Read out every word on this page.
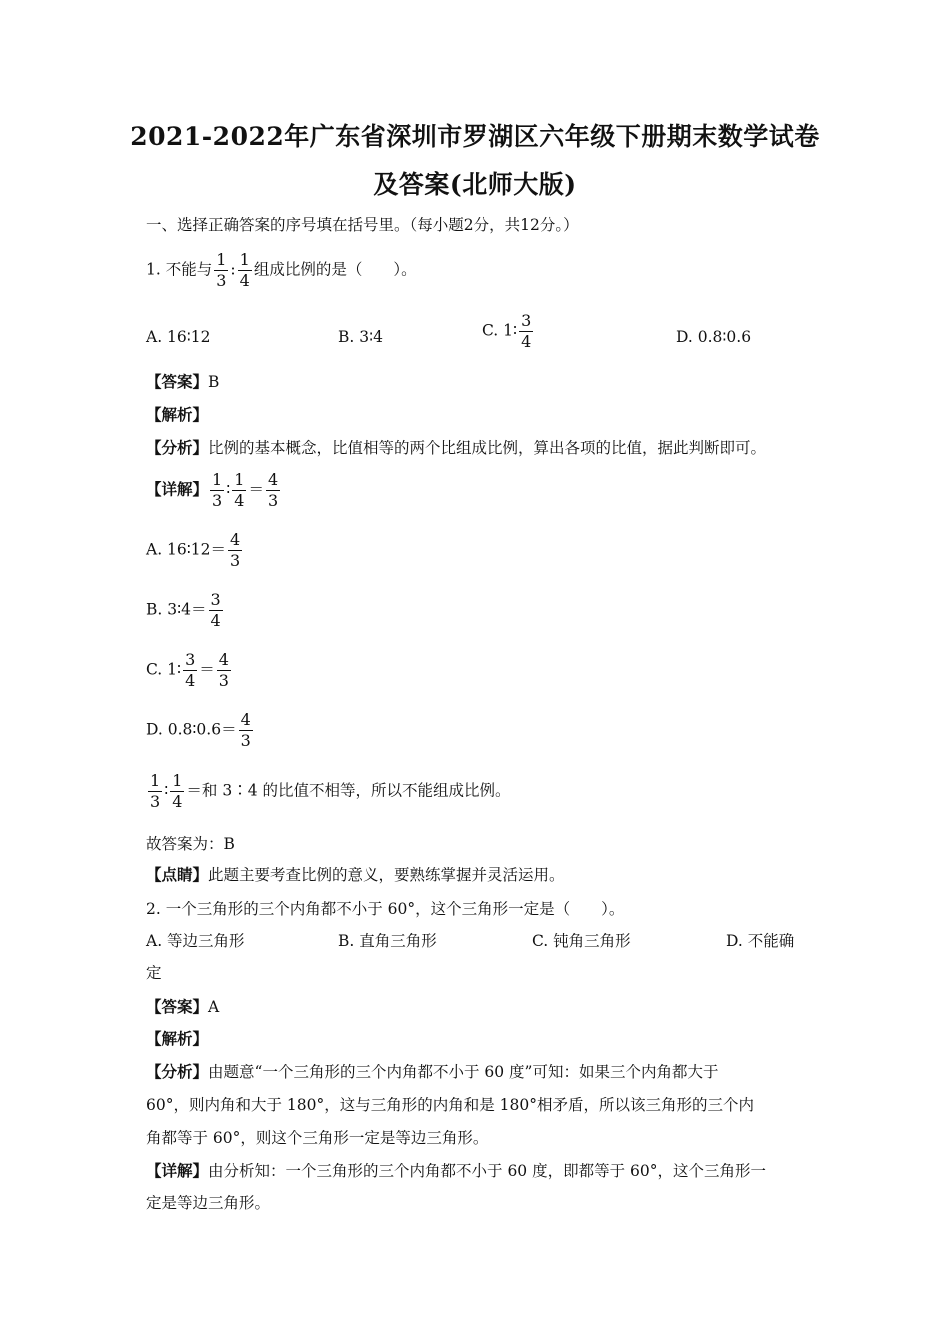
2021-2022年广东省深圳市罗湖区六年级下册期末数学试卷
及答案(北师大版)
一、选择正确答案的序号填在括号里。（每小题2分，共12分。）
1. 不能与 $\frac{1}{3}$ : $\frac{1}{4}$ 组成比例的是（　　）。
A. 16∶12	B. 3∶4	C. 1∶ $\frac{3}{4}$	D. 0.8∶0.6
【答案】B
【解析】
【分析】比例的基本概念，比值相等的两个比组成比例，算出各项的比值，据此判断即可。
【详解】 $\frac{1}{3}$ ∶ $\frac{1}{4} = \frac{4}{3}$
A. 16∶12＝ $\frac{4}{3}$
B. 3∶4＝ $\frac{3}{4}$
C. 1∶ $\frac{3}{4} = \frac{4}{3}$
D. 0.8∶0.6＝ $\frac{4}{3}$
$\frac{1}{3}$ ∶ $\frac{1}{4}$ ＝和 3∶4 的比值不相等，所以不能组成比例。
故答案为：B
【点睛】此题主要考查比例的意义，要熟练掌握并灵活运用。
2. 一个三角形的三个内角都不小于 60°，这个三角形一定是（　　）。
A. 等边三角形	B. 直角三角形	C. 钝角三角形	D. 不能确
定
【答案】A
【解析】
【分析】由题意“一个三角形的三个内角都不小于 60 度”可知：如果三个内角都大于
60°，则内角和大于 180°，这与三角形的内角和是 180°相矛盾，所以该三角形的三个内
角都等于 60°，则这个三角形一定是等边三角形。
【详解】由分析知：一个三角形的三个内角都不小于 60 度，即都等于 60°，这个三角形一
定是等边三角形。
